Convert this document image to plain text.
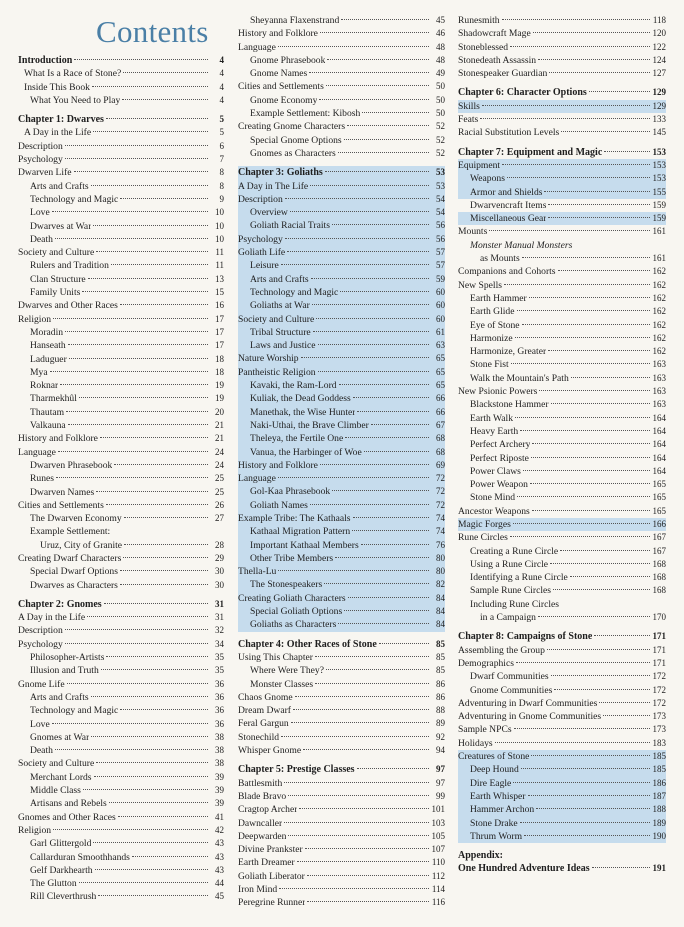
Contents
Introduction	4
What Is a Race of Stone?	4
Inside This Book	4
What You Need to Play	4
Chapter 1: Dwarves	5
A Day in the Life	5
Description	6
Psychology	7
Dwarven Life	8
Arts and Crafts	8
Technology and Magic	9
Love	10
Dwarves at War	10
Death	10
Society and Culture	11
Rulers and Tradition	11
Clan Structure	13
Family Units	15
Dwarves and Other Races	16
Religion	17
Moradin	17
Hanseath	17
Laduguer	18
Mya	18
Roknar	19
Tharmekhûl	19
Thautam	20
Valkauna	21
History and Folklore	21
Language	24
Dwarven Phrasebook	24
Runes	25
Dwarven Names	25
Cities and Settlements	26
The Dwarven Economy	27
Example Settlement:
Uruz, City of Granite	28
Creating Dwarf Characters	29
Special Dwarf Options	30
Dwarves as Characters	30
Chapter 2: Gnomes	31
A Day in the Life	31
Description	32
Psychology	34
Philosopher-Artists	35
Illusion and Truth	35
Gnome Life	36
Arts and Crafts	36
Technology and Magic	36
Love	36
Gnomes at War	38
Death	38
Society and Culture	38
Merchant Lords	39
Middle Class	39
Artisans and Rebels	39
Gnomes and Other Races	41
Religion	42
Garl Glittergold	43
Callarduran Smoothhands	43
Gelf Darkhearth	43
The Glutton	44
Rill Cleverthrush	45
Sheyanna Flaxenstrand	45
History and Folklore	46
Language	48
Gnome Phrasebook	48
Gnome Names	49
Cities and Settlements	50
Gnome Economy	50
Example Settlement: Kibosh	50
Creating Gnome Characters	52
Special Gnome Options	52
Gnomes as Characters	52
Chapter 3: Goliaths	53
A Day in The Life	53
Description	54
Overview	54
Goliath Racial Traits	56
Psychology	56
Goliath Life	57
Leisure	57
Arts and Crafts	59
Technology and Magic	60
Goliaths at War	60
Society and Culture	60
Tribal Structure	61
Laws and Justice	63
Nature Worship	65
Pantheistic Religion	65
Kavaki, the Ram-Lord	65
Kuliak, the Dead Goddess	66
Manethak, the Wise Hunter	66
Naki-Uthai, the Brave Climber	67
Theleya, the Fertile One	68
Vanua, the Harbinger of Woe	68
History and Folklore	69
Language	72
Gol-Kaa Phrasebook	72
Goliath Names	72
Example Tribe: The Kathaals	74
Kathaal Migration Pattern	74
Important Kathaal Members	76
Other Tribe Members	80
Thella-Lu	80
The Stonespeakers	82
Creating Goliath Characters	84
Special Goliath Options	84
Goliaths as Characters	84
Chapter 4: Other Races of Stone	85
Using This Chapter	85
Where Were They?	85
Monster Classes	86
Chaos Gnome	86
Dream Dwarf	88
Feral Gargun	89
Stonechild	92
Whisper Gnome	94
Chapter 5: Prestige Classes	97
Battlesmith	97
Blade Bravo	99
Cragtop Archer	101
Dawncaller	103
Deepwarden	105
Divine Prankster	107
Earth Dreamer	110
Goliath Liberator	112
Iron Mind	114
Peregrine Runner	116
Runesmith	118
Shadowcraft Mage	120
Stoneblessed	122
Stonedeath Assassin	124
Stonespeaker Guardian	127
Chapter 6: Character Options	129
Skills	129
Feats	133
Racial Substitution Levels	145
Chapter 7: Equipment and Magic	153
Equipment	153
Weapons	153
Armor and Shields	155
Dwarvencraft Items	159
Miscellaneous Gear	159
Mounts	161
Monster Manual Monsters
as Mounts	161
Companions and Cohorts	162
New Spells	162
Earth Hammer	162
Earth Glide	162
Eye of Stone	162
Harmonize	162
Harmonize, Greater	162
Stone Fist	163
Walk the Mountain's Path	163
New Psionic Powers	163
Blackstone Hammer	163
Earth Walk	164
Heavy Earth	164
Perfect Archery	164
Perfect Riposte	164
Power Claws	164
Power Weapon	165
Stone Mind	165
Ancestor Weapons	165
Magic Forges	166
Rune Circles	167
Creating a Rune Circle	167
Using a Rune Circle	168
Identifying a Rune Circle	168
Sample Rune Circles	168
Including Rune Circles
in a Campaign	170
Chapter 8: Campaigns of Stone	171
Assembling the Group	171
Demographics	171
Dwarf Communities	172
Gnome Communities	172
Adventuring in Dwarf Communities	172
Adventuring in Gnome Communities	173
Sample NPCs	173
Holidays	183
Creatures of Stone	185
Deep Hound	185
Dire Eagle	186
Earth Whisper	187
Hammer Archon	188
Stone Drake	189
Thrum Worm	190
Appendix:
One Hundred Adventure Ideas	191
